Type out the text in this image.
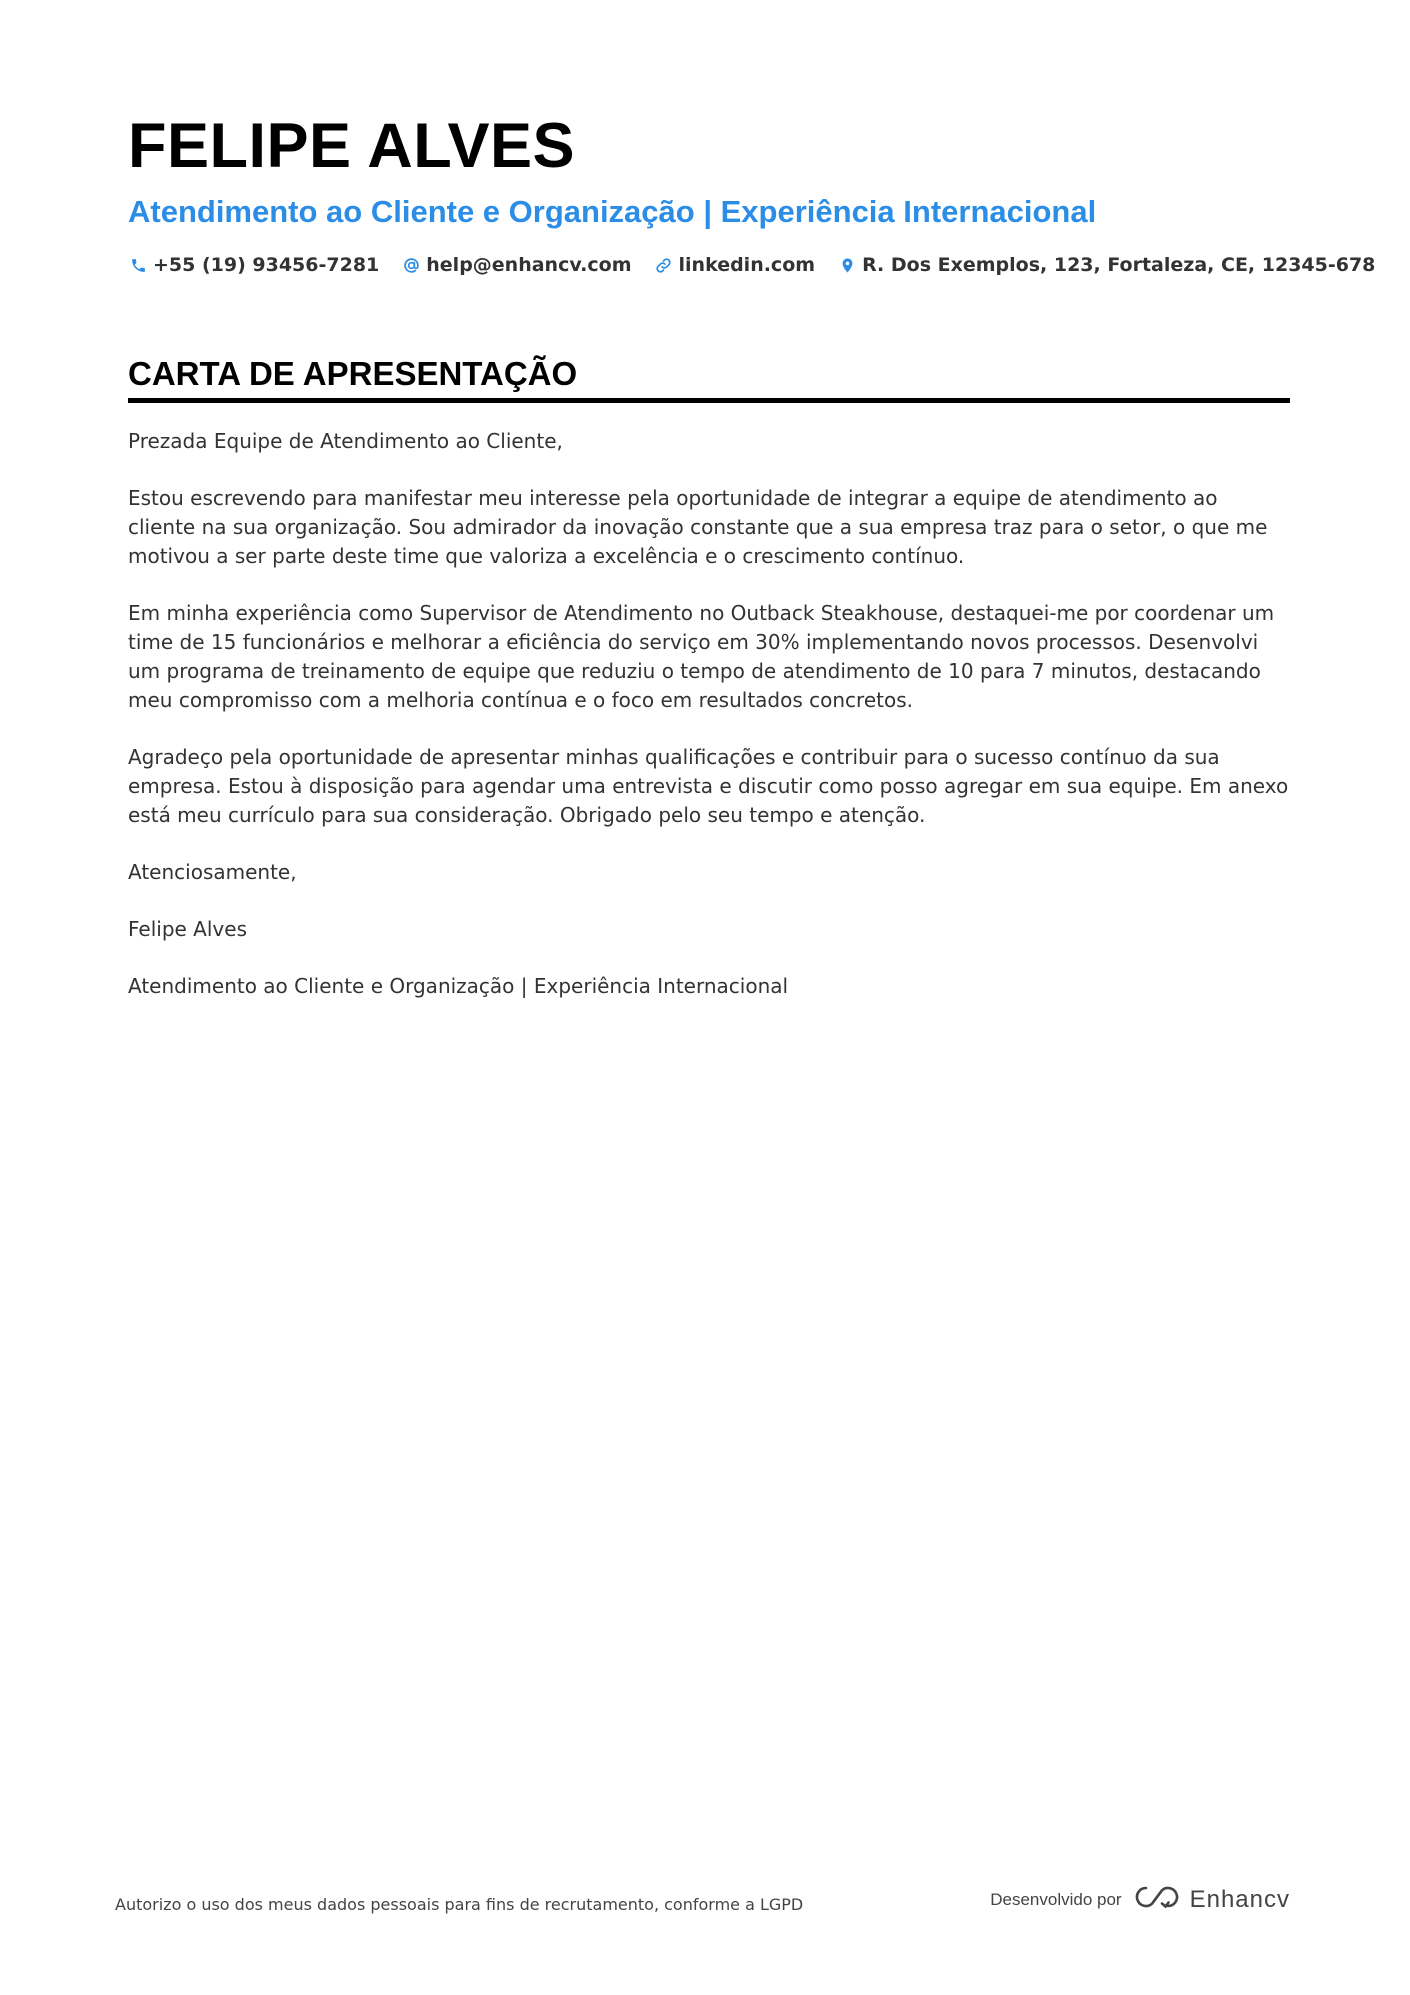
FELIPE ALVES
Atendimento ao Cliente e Organização | Experiência Internacional
+55 (19) 93456-7281 help@enhancv.com linkedin.com R. Dos Exemplos, 123, Fortaleza, CE, 12345-678
CARTA DE APRESENTAÇÃO

Prezada Equipe de Atendimento ao Cliente,

Estou escrevendo para manifestar meu interesse pela oportunidade de integrar a equipe de atendimento ao cliente na sua organização. Sou admirador da inovação constante que a sua empresa traz para o setor, o que me motivou a ser parte deste time que valoriza a excelência e o crescimento contínuo.

Em minha experiência como Supervisor de Atendimento no Outback Steakhouse, destaquei-me por coordenar um time de 15 funcionários e melhorar a eficiência do serviço em 30% implementando novos processos. Desenvolvi um programa de treinamento de equipe que reduziu o tempo de atendimento de 10 para 7 minutos, destacando meu compromisso com a melhoria contínua e o foco em resultados concretos.

Agradeço pela oportunidade de apresentar minhas qualificações e contribuir para o sucesso contínuo da sua empresa. Estou à disposição para agendar uma entrevista e discutir como posso agregar em sua equipe. Em anexo está meu currículo para sua consideração. Obrigado pelo seu tempo e atenção.

Atenciosamente,

Felipe Alves

Atendimento ao Cliente e Organização | Experiência Internacional

Autorizo o uso dos meus dados pessoais para fins de recrutamento, conforme a LGPD	Desenvolvido por	Enhancv
